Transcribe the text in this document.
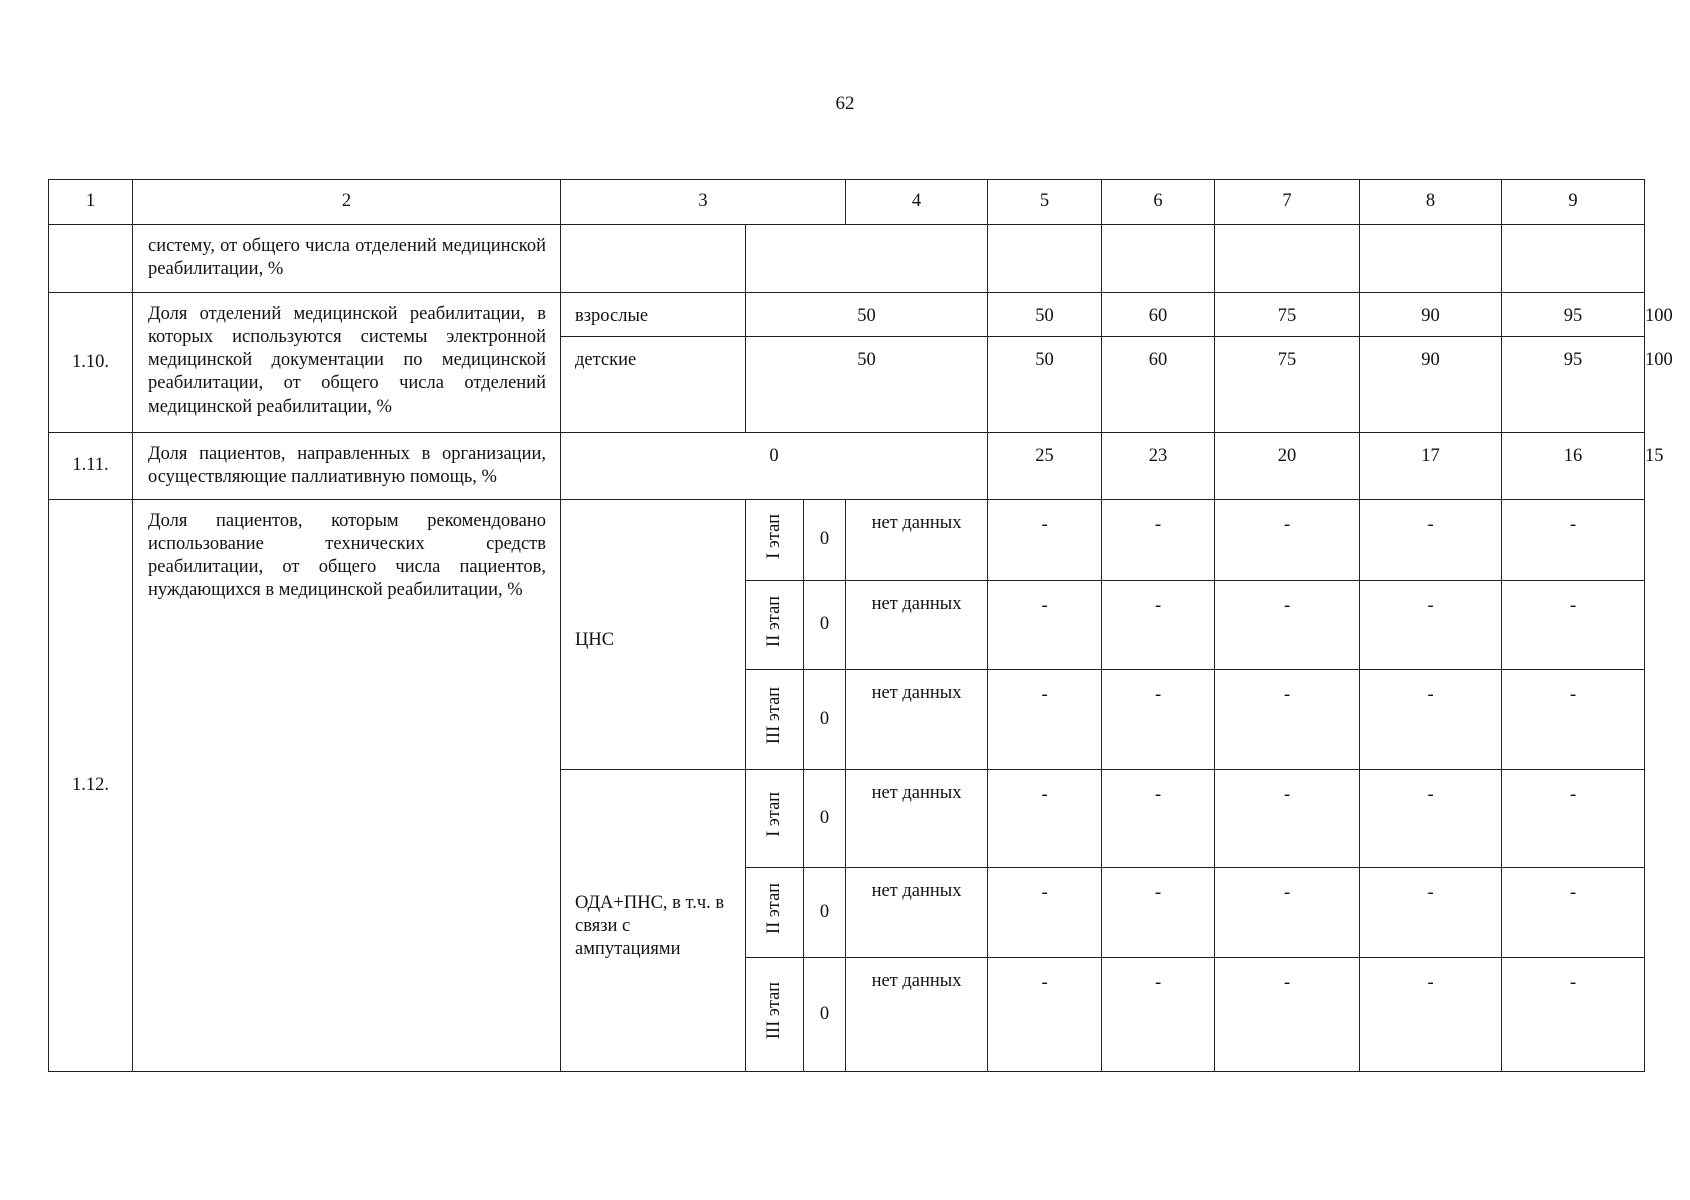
62
1	2	3			4	5	6	7	8	9	
	системy, от общего числа отделений медицинской реабилитации, %									
1.10.	Доля отделений медицинской реабилитации, в которых используются системы электронной медицинской документации по медицинской реабилитации, от общего числа отделений медицинской реабилитации, %	взрослые	50			50	60	75	90	95	100
		детские	50			50	60	75	90	95	100
1.11.	Доля пациентов, направленных в организации, осуществляющие паллиативную помощь, %	0				25	23	20	17	16	15
1.12.	Доля пациентов, которым рекомендовано использование технических средств реабилитации, от общего числа пациентов, нуждающихся в медицинской реабилитации, %	ЦНС	I этап	0	нет данных	-	-	-	-	-	
			II этап	0	нет данных	-	-	-	-	-	
			III этап	0	нет данных	-	-	-	-	-	
		ОДА+ПНС, в т.ч. в связи с ампутациями	I этап	0	нет данных	-	-	-	-	-	
			II этап	0	нет данных	-	-	-	-	-	
			III этап	0	нет данных	-	-	-	-	-	
